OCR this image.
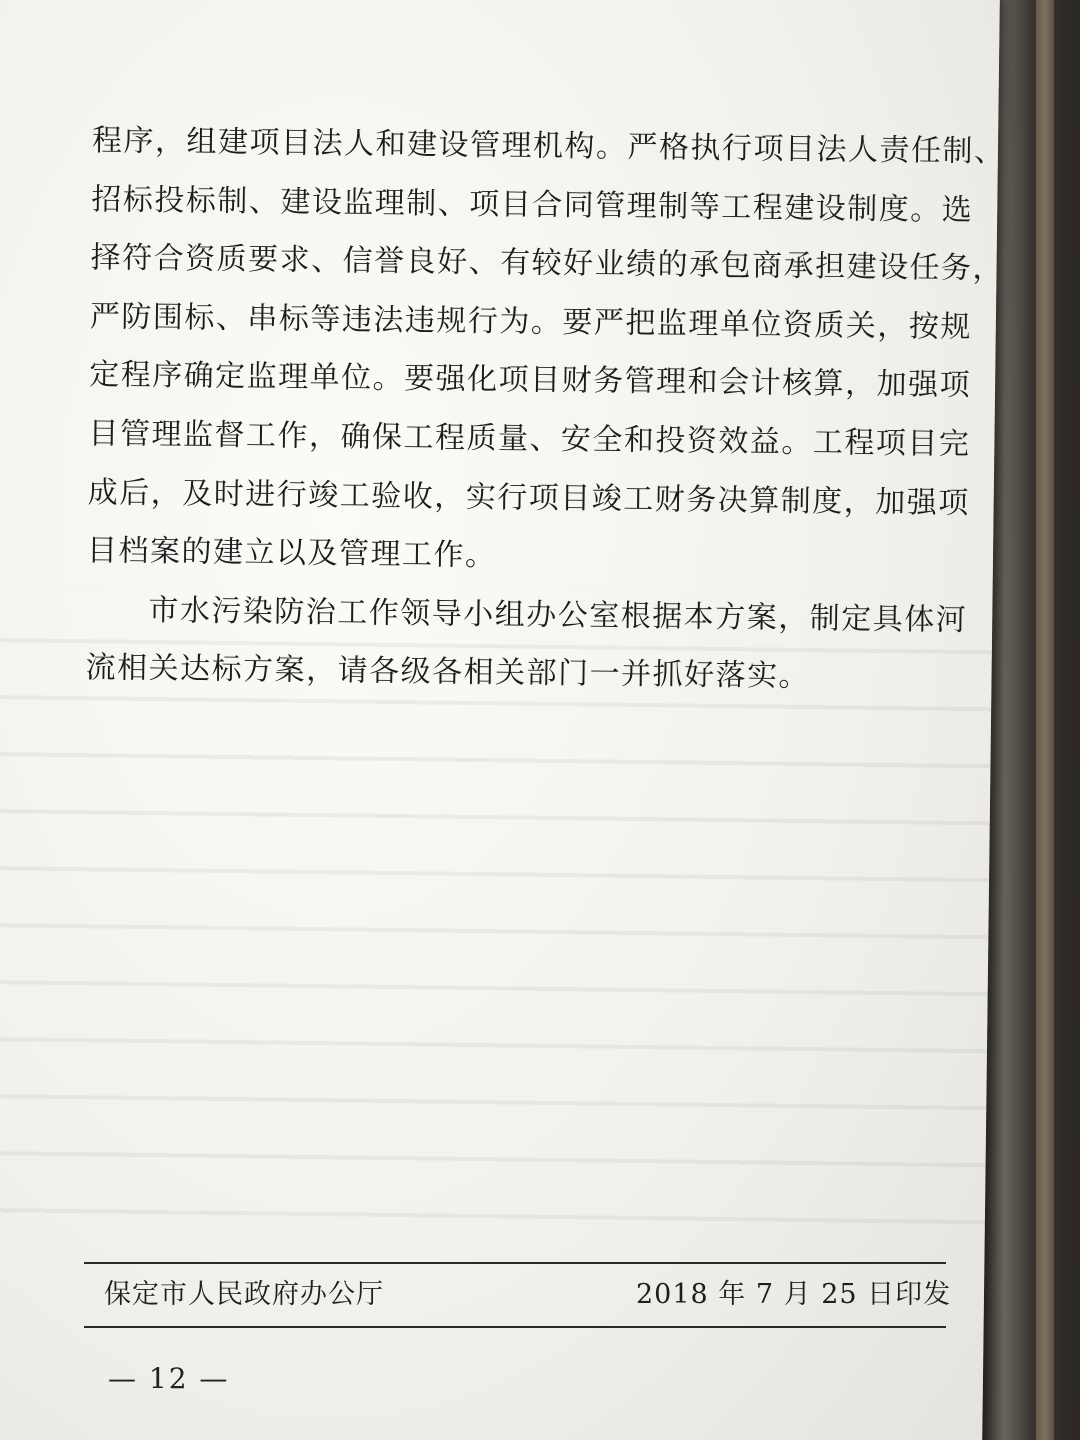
程序，组建项目法人和建设管理机构。严格执行项目法人责任制、
招标投标制、建设监理制、项目合同管理制等工程建设制度。选
择符合资质要求、信誉良好、有较好业绩的承包商承担建设任务，
严防围标、串标等违法违规行为。要严把监理单位资质关，按规
定程序确定监理单位。要强化项目财务管理和会计核算，加强项
目管理监督工作，确保工程质量、安全和投资效益。工程项目完
成后，及时进行竣工验收，实行项目竣工财务决算制度，加强项
目档案的建立以及管理工作。
市水污染防治工作领导小组办公室根据本方案，制定具体河
流相关达标方案，请各级各相关部门一并抓好落实。
保定市人民政府办公厅	2018 年 7 月 25 日印发
— 12 —
